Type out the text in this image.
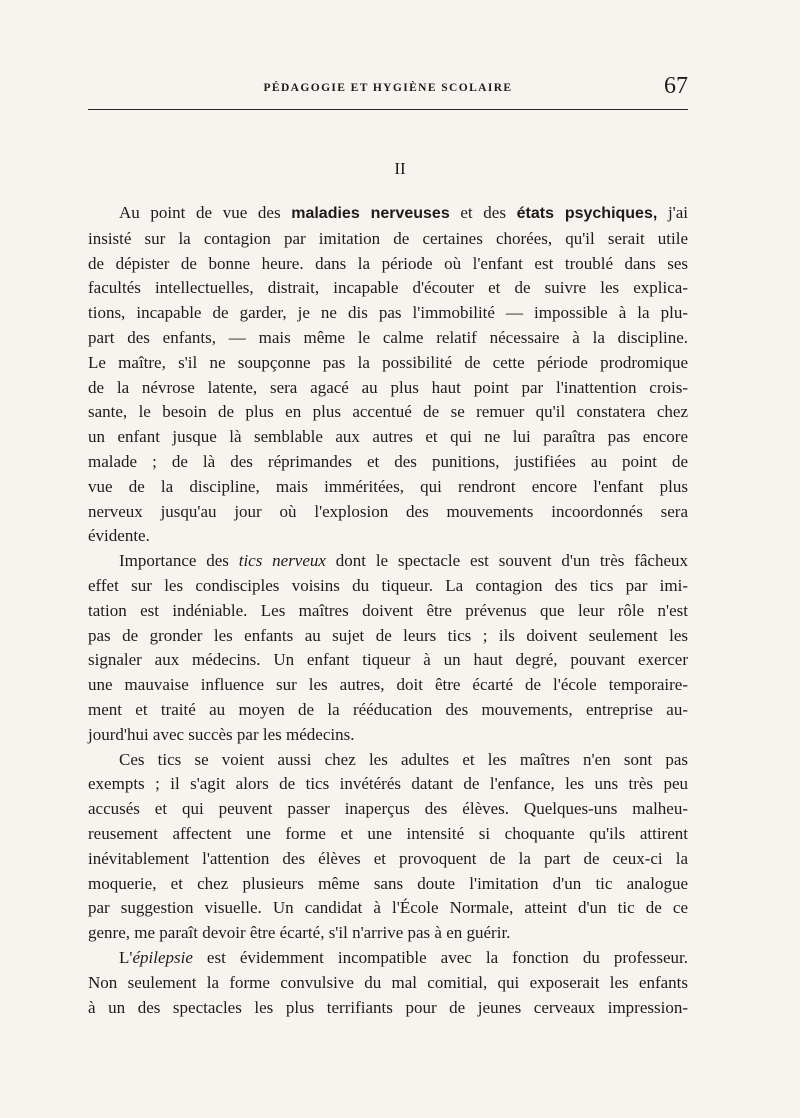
PÉDAGOGIE ET HYGIÈNE SCOLAIRE	67
II

Au point de vue des maladies nerveuses et des états psychiques, j'ai
insisté sur la contagion par imitation de certaines chorées, qu'il serait utile
de dépister de bonne heure. dans la période où l'enfant est troublé dans ses
facultés intellectuelles, distrait, incapable d'écouter et de suivre les explica-
tions, incapable de garder, je ne dis pas l'immobilité — impossible à la plu-
part des enfants, — mais même le calme relatif nécessaire à la discipline.
Le maître, s'il ne soupçonne pas la possibilité de cette période prodromique
de la névrose latente, sera agacé au plus haut point par l'inattention crois-
sante, le besoin de plus en plus accentué de se remuer qu'il constatera chez
un enfant jusque là semblable aux autres et qui ne lui paraîtra pas encore
malade ; de là des réprimandes et des punitions, justifiées au point de
vue de la discipline, mais imméritées, qui rendront encore l'enfant plus
nerveux jusqu'au jour où l'explosion des mouvements incoordonnés sera
évidente.

Importance des tics nerveux dont le spectacle est souvent d'un très fâcheux
effet sur les condisciples voisins du tiqueur. La contagion des tics par imi-
tation est indéniable. Les maîtres doivent être prévenus que leur rôle n'est
pas de gronder les enfants au sujet de leurs tics ; ils doivent seulement les
signaler aux médecins. Un enfant tiqueur à un haut degré, pouvant exercer
une mauvaise influence sur les autres, doit être écarté de l'école temporaire-
ment et traité au moyen de la rééducation des mouvements, entreprise au-
jourd'hui avec succès par les médecins.

Ces tics se voient aussi chez les adultes et les maîtres n'en sont pas
exempts ; il s'agit alors de tics invétérés datant de l'enfance, les uns très peu
accusés et qui peuvent passer inaperçus des élèves. Quelques-uns malheu-
reusement affectent une forme et une intensité si choquante qu'ils attirent
inévitablement l'attention des élèves et provoquent de la part de ceux-ci la
moquerie, et chez plusieurs même sans doute l'imitation d'un tic analogue
par suggestion visuelle. Un candidat à l'École Normale, atteint d'un tic de ce
genre, me paraît devoir être écarté, s'il n'arrive pas à en guérir.

L'épilepsie est évidemment incompatible avec la fonction du professeur.
Non seulement la forme convulsive du mal comitial, qui exposerait les enfants
à un des spectacles les plus terrifiants pour de jeunes cerveaux impression-
